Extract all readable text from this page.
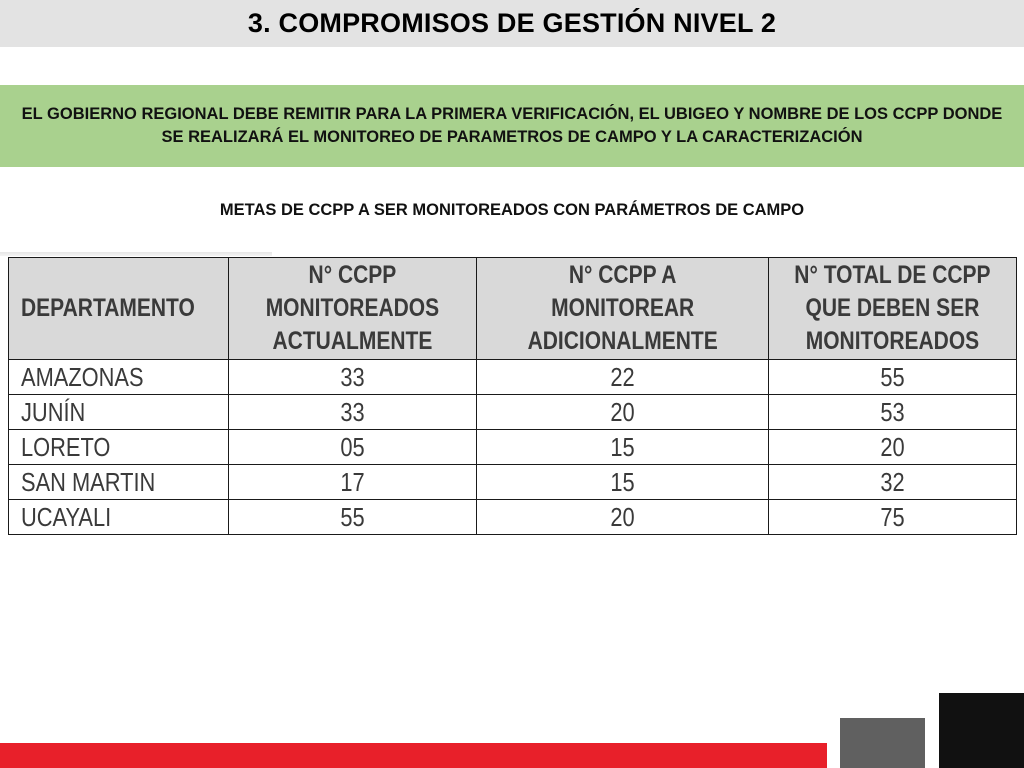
3. COMPROMISOS DE GESTIÓN NIVEL 2

EL GOBIERNO REGIONAL DEBE REMITIR PARA LA PRIMERA VERIFICACIÓN, EL UBIGEO Y NOMBRE DE LOS CCPP DONDE SE REALIZARÁ EL MONITOREO DE PARAMETROS DE CAMPO Y LA CARACTERIZACIÓN

METAS DE CCPP A SER MONITOREADOS CON PARÁMETROS DE CAMPO

DEPARTAMENTO	N° CCPP MONITOREADOS ACTUALMENTE	N° CCPP A MONITOREAR ADICIONALMENTE	N° TOTAL DE CCPP QUE DEBEN SER MONITOREADOS
AMAZONAS	33	22	55
JUNÍN	33	20	53
LORETO	05	15	20
SAN MARTIN	17	15	32
UCAYALI	55	20	75
